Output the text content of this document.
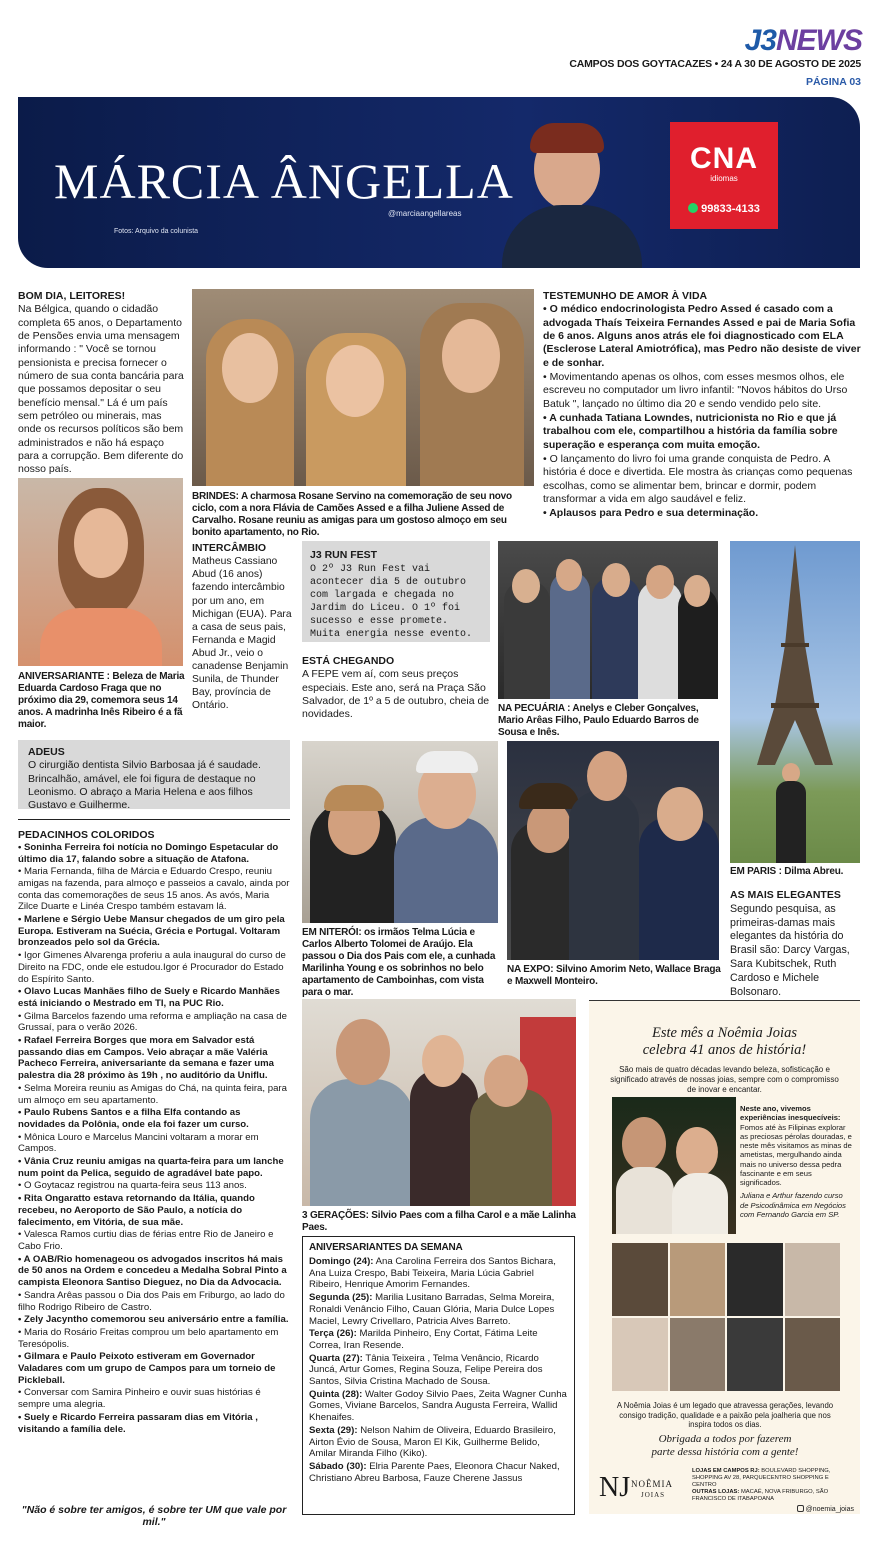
J3NEWS
CAMPOS DOS GOYTACAZES • 24 A 30 DE AGOSTO DE 2025
PÁGINA 03
MÁRCIA ÂNGELLA
@marciaangellareas
Fotos: Arquivo da colunista
CNA
idiomas
99833-4133
BOM DIA, LEITORES!
Na Bélgica, quando o cidadão completa 65 anos, o Departamento de Pensões envia uma mensagem informando : " Você se tornou pensionista e precisa fornecer o número de sua conta bancária para que possamos depositar o seu benefício mensal." Lá é um país sem petróleo ou minerais, mas onde os recursos políticos são bem administrados e não há espaço para a corrupção. Bem diferente do nosso país.
ANIVERSARIANTE : Beleza de Maria Eduarda Cardoso Fraga que no próximo dia 29, comemora seus 14 anos. A madrinha Inês Ribeiro é a fã maior.
BRINDES: A charmosa Rosane Servino na comemoração de seu novo ciclo, com a nora Flávia de Camões Assed e a filha Juliene Assed de Carvalho. Rosane reuniu as amigas para um gostoso almoço em seu bonito apartamento, no Rio.
TESTEMUNHO DE AMOR À VIDA
• O médico endocrinologista Pedro Assed é casado com a advogada Thaís Teixeira Fernandes Assed e pai de Maria Sofia de 6 anos. Alguns anos atrás ele foi diagnosticado com ELA (Esclerose Lateral Amiotrófica), mas Pedro não desiste de viver e de sonhar.
• Movimentando apenas os olhos, com esses mesmos olhos, ele escreveu no computador um livro infantil: "Novos hábitos do Urso Batuk ", lançado no último dia 20 e sendo vendido pelo site.
• A cunhada Tatiana Lowndes, nutricionista no Rio e que já trabalhou com ele, compartilhou a história da família sobre superação e esperança com muita emoção.
• O lançamento do livro foi uma grande conquista de Pedro. A história é doce e divertida. Ele mostra às crianças como pequenas escolhas, como se alimentar bem, brincar e dormir, podem transformar a vida em algo saudável e feliz.
• Aplausos para Pedro e sua determinação.
INTERCÂMBIO
Matheus Cassiano Abud (16 anos) fazendo intercâmbio por um ano, em Michigan (EUA). Para a casa de seus pais, Fernanda e Magid Abud Jr., veio o canadense Benjamin Sunila, de Thunder Bay, província de Ontário.
J3 RUN FEST
O 2º J3 Run Fest vai acontecer dia 5 de outubro com largada e chegada no Jardim do Liceu. O 1º foi sucesso e esse promete. Muita energia nesse evento.
ESTÁ CHEGANDO
A FEPE vem aí, com seus preços especiais. Este ano, será na Praça São Salvador, de 1º a 5 de outubro, cheia de novidades.	NA PECUÁRIA : Anelys e Cleber Gonçalves, Mario Arêas Filho, Paulo Eduardo Barros de Sousa e Inês.
EM PARIS : Dilma Abreu.
ADEUS
O cirurgião dentista Silvio Barbosaa já é saudade. Brincalhão, amável, ele foi figura de destaque no Leonismo. O abraço a Maria Helena e aos filhos Gustavo e Guilherme.
EM NITERÓI: os irmãos Telma Lúcia e Carlos Alberto Tolomei de Araújo. Ela passou o Dia dos Pais com ele, a cunhada Marilinha Young e os sobrinhos no belo apartamento de Camboinhas, com vista para o mar.
NA EXPO: Silvino Amorim Neto, Wallace Braga e Maxwell Monteiro.
AS MAIS ELEGANTES
Segundo pesquisa, as primeiras-damas mais elegantes da história do Brasil são: Darcy Vargas, Sara Kubitschek, Ruth Cardoso e Michele Bolsonaro.
PEDACINHOS COLORIDOS
• Soninha Ferreira foi notícia no Domingo Espetacular do último dia 17, falando sobre a situação de Atafona.
• Maria Fernanda, filha de Márcia e Eduardo Crespo, reuniu amigas na fazenda, para almoço e passeios a cavalo, ainda por conta das comemorações de seus 15 anos. As avós, Maria Zilce Duarte e Linéa Crespo também estavam lá.
• Marlene e Sérgio Uebe Mansur chegados de um giro pela Europa. Estiveram na Suécia, Grécia e Portugal. Voltaram bronzeados pelo sol da Grécia.
• Igor Gimenes Alvarenga proferiu a aula inaugural do curso de Direito na FDC, onde ele estudou.Igor é Procurador do Estado do Espírito Santo.
• Olavo Lucas Manhães filho de Suely e Ricardo Manhães está iniciando o Mestrado em TI, na PUC Rio.
• Gilma Barcelos fazendo uma reforma e ampliação na casa de Grussaí, para o verão 2026.
• Rafael Ferreira Borges que mora em Salvador está passando dias em Campos. Veio abraçar a mãe Valéria Pacheco Ferreira, aniversariante da semana e fazer uma palestra dia 28 próximo às 19h , no auditório da Uniflu.
• Selma Moreira reuniu as Amigas do Chá, na quinta feira, para um almoço em seu apartamento.
• Paulo Rubens Santos e a filha Elfa contando as novidades da Polônia, onde ela foi fazer um curso.
• Mônica Louro e Marcelus Mancini voltaram a morar em Campos.
• Vânia Cruz reuniu amigas na quarta-feira para um lanche num point da Pelica, seguido de agradável bate papo.
• O Goytacaz registrou na quarta-feira seus 113 anos.
• Rita Ongaratto estava retornando da Itália, quando recebeu, no Aeroporto de São Paulo, a notícia do falecimento, em Vitória, de sua mãe.
• Valesca Ramos curtiu dias de férias entre Rio de Janeiro e Cabo Frio.
• A OAB/Rio homenageou os advogados inscritos há mais de 50 anos na Ordem e concedeu a Medalha Sobral Pinto a campista Eleonora Santiso Dieguez, no Dia da Advocacia.
• Sandra Arêas passou o Dia dos Pais em Friburgo, ao lado do filho Rodrigo Ribeiro de Castro.
• Zely Jacyntho comemorou seu aniversário entre a família.
• Maria do Rosário Freitas comprou um belo apartamento em Teresópolis.
• Gilmara e Paulo Peixoto estiveram em Governador Valadares com um grupo de Campos para um torneio de Pickleball.
• Conversar com Samira Pinheiro e ouvir suas histórias é sempre uma alegria.
• Suely e Ricardo Ferreira passaram dias em Vitória , visitando a família dele.
"Não é sobre ter amigos, é sobre ter UM que vale por mil."
3 GERAÇÕES: Silvio Paes com a filha Carol e a mãe Lalinha Paes.
ANIVERSARIANTES DA SEMANA
Domingo (24): Ana Carolina Ferreira dos Santos Bichara, Ana Luiza Crespo, Babi Teixeira, Maria Lúcia Gabriel Ribeiro, Henrique Amorim Fernandes.
Segunda (25): Marilia Lusitano Barradas, Selma Moreira, Ronaldi Venâncio Filho, Cauan Glória, Maria Dulce Lopes Maciel, Lewry Crivellaro, Patricia Alves Barreto.
Terça (26): Marilda Pinheiro, Eny Cortat, Fátima Leite Correa, Iran Resende.
Quarta (27): Tânia Teixeira , Telma Venâncio, Ricardo Juncá, Artur Gomes, Regina Souza, Felipe Pereira dos Santos, Silvia Cristina Machado de Sousa.
Quinta (28): Walter Godoy Silvio Paes, Zeita Wagner Cunha Gomes, Viviane Barcelos, Sandra Augusta Ferreira, Wallid Khenaifes.
Sexta (29): Nelson Nahim de Oliveira, Eduardo Brasileiro, Airton Évio de Sousa, Maron El Kik, Guilherme Belido, Amilar Miranda Filho (Kiko).
Sábado (30): Elria Parente Paes, Eleonora Chacur Naked, Christiano Abreu Barbosa, Fauze Cherene Jassus
Este mês a Noêmia Joias
celebra 41 anos de história!
São mais de quatro décadas levando beleza, sofisticação e significado através de nossas joias, sempre com o compromisso de inovar e encantar.
Neste ano, vivemos experiências inesquecíveis:
Fomos até às Filipinas explorar as preciosas pérolas douradas, e neste mês visitamos as minas de ametistas, mergulhando ainda mais no universo dessa pedra fascinante e em seus significados.
Juliana e Arthur fazendo curso de Psicodinâmica em Negócios com Fernando Garcia em SP.
A Noêmia Joias é um legado que atravessa gerações, levando consigo tradição, qualidade e a paixão pela joalheria que nos inspira todos os dias.
Obrigada a todos por fazerem
parte dessa história com a gente!
NJ NOÊMIA
JOIAS
LOJAS EM CAMPOS RJ: BOULEVARD SHOPPING, SHOPPING AV 28, PARQUECENTRO SHOPPING E CENTRO
OUTRAS LOJAS: MACAÉ, NOVA FRIBURGO, SÃO FRANCISCO DE ITABAPOANA
@noemia_joias
